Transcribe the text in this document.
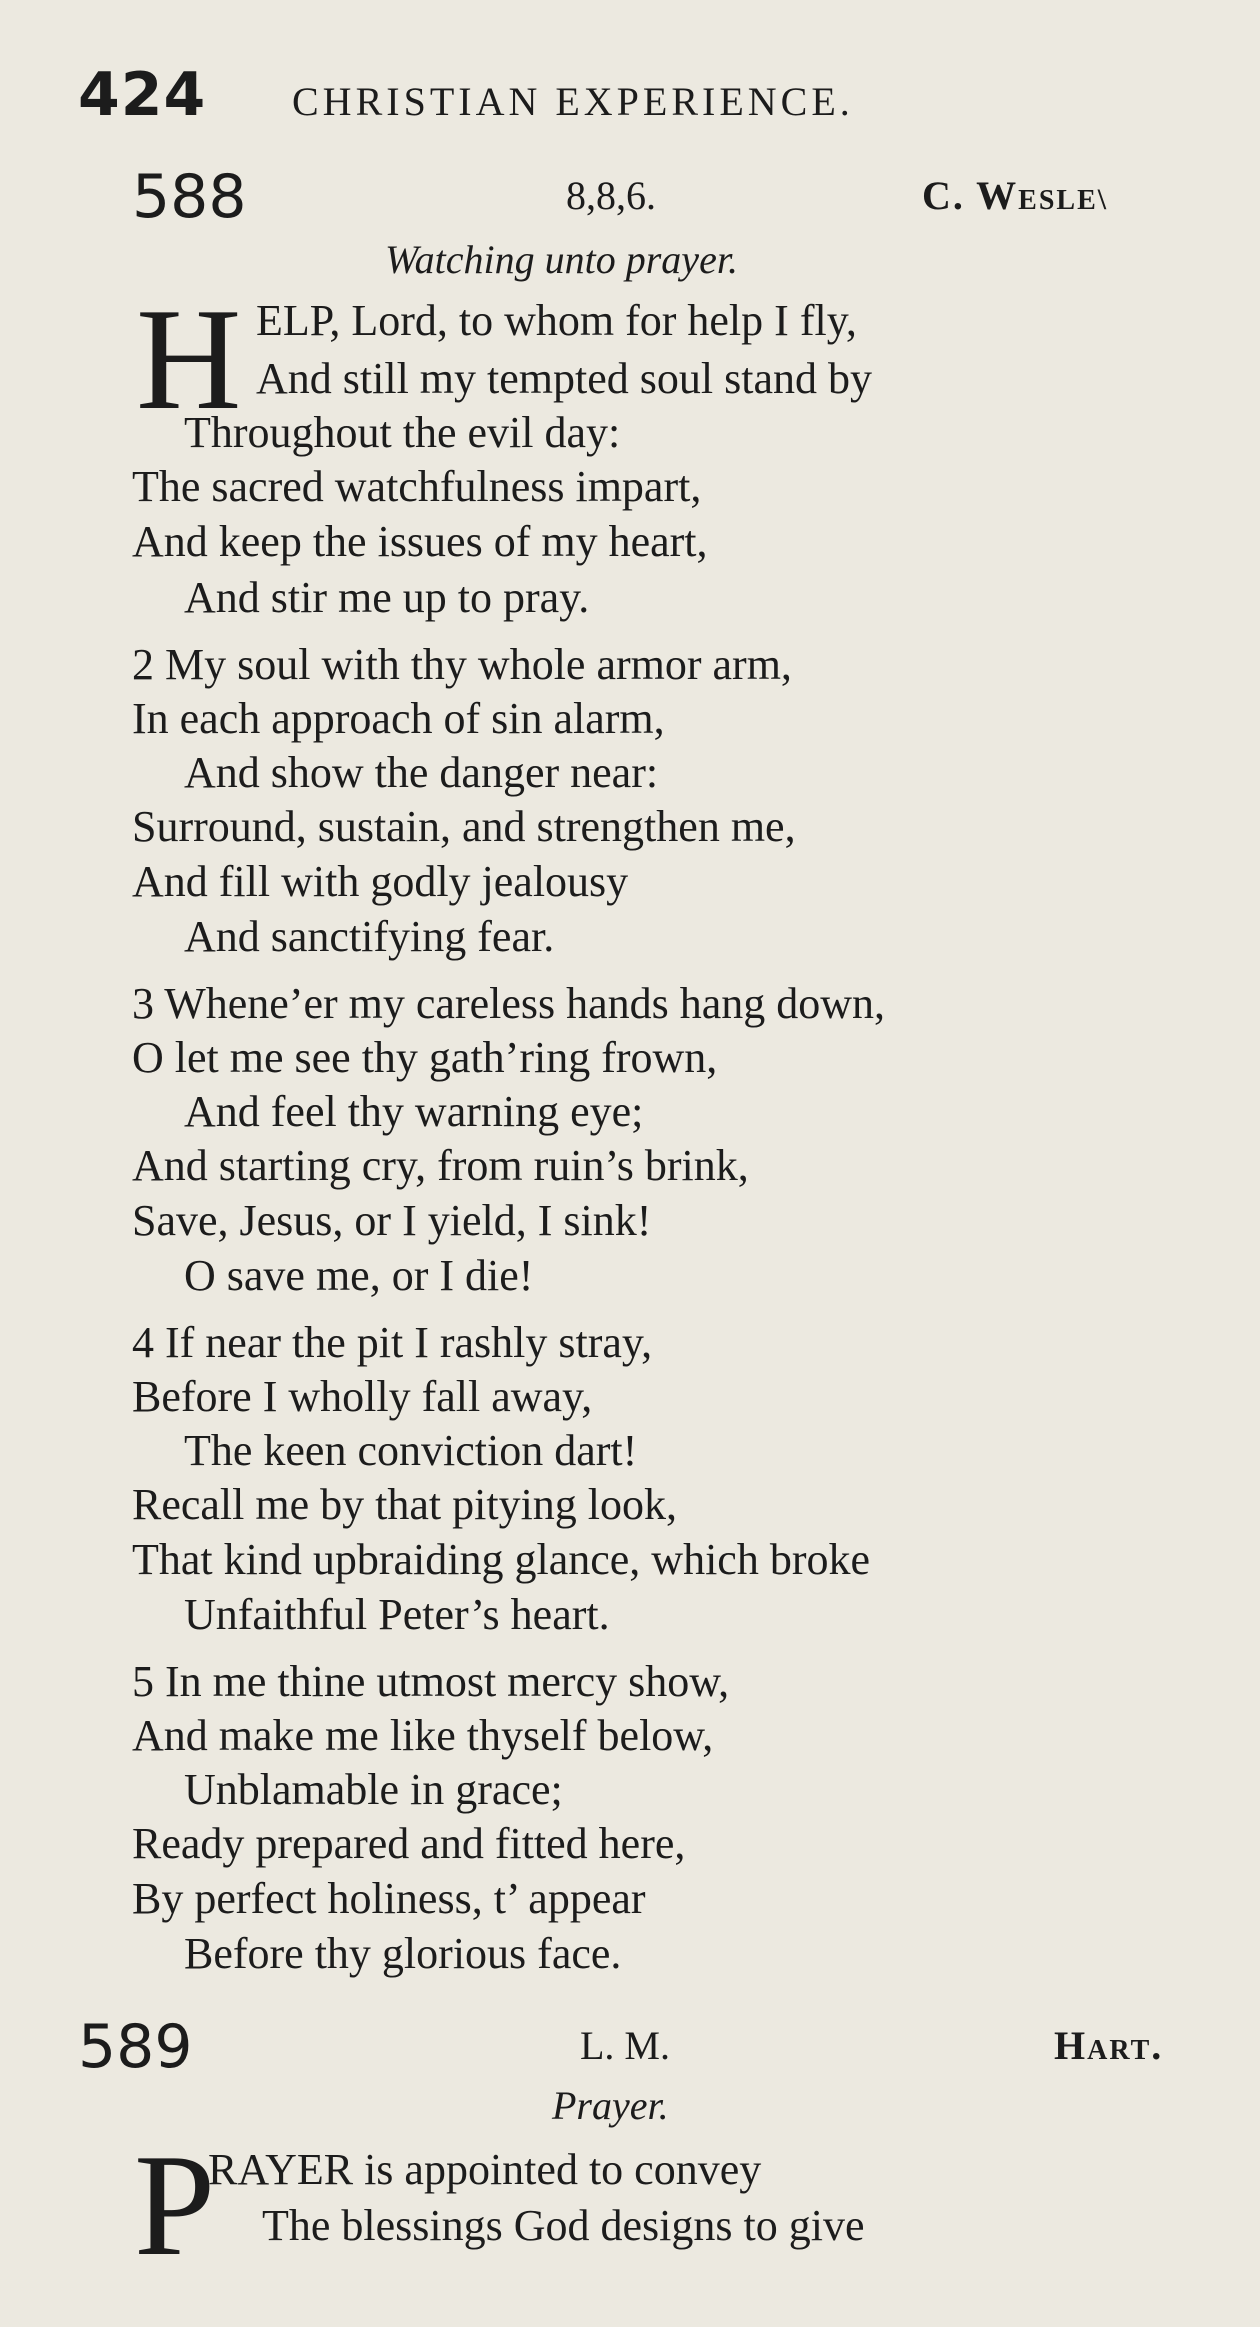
424 CHRISTIAN EXPERIENCE.
588	8,8,6.	C. Wesle\
Watching unto prayer.
H ELP, Lord, to whom for help I fly,
And still my tempted soul stand by
Throughout the evil day:
The sacred watchfulness impart,
And keep the issues of my heart,
And stir me up to pray.
2 My soul with thy whole armor arm,
In each approach of sin alarm,
And show the danger near:
Surround, sustain, and strengthen me,
And fill with godly jealousy
And sanctifying fear.
3 Whene’er my careless hands hang down,
O let me see thy gath’ring frown,
And feel thy warning eye;
And starting cry, from ruin’s brink,
Save, Jesus, or I yield, I sink!
O save me, or I die!
4 If near the pit I rashly stray,
Before I wholly fall away,
The keen conviction dart!
Recall me by that pitying look,
That kind upbraiding glance, which broke
Unfaithful Peter’s heart.
5 In me thine utmost mercy show,
And make me like thyself below,
Unblamable in grace;
Ready prepared and fitted here,
By perfect holiness, t’ appear
Before thy glorious face.
589	L. M.	Hart.
Prayer.
P
RAYER is appointed to convey
The blessings God designs to give
